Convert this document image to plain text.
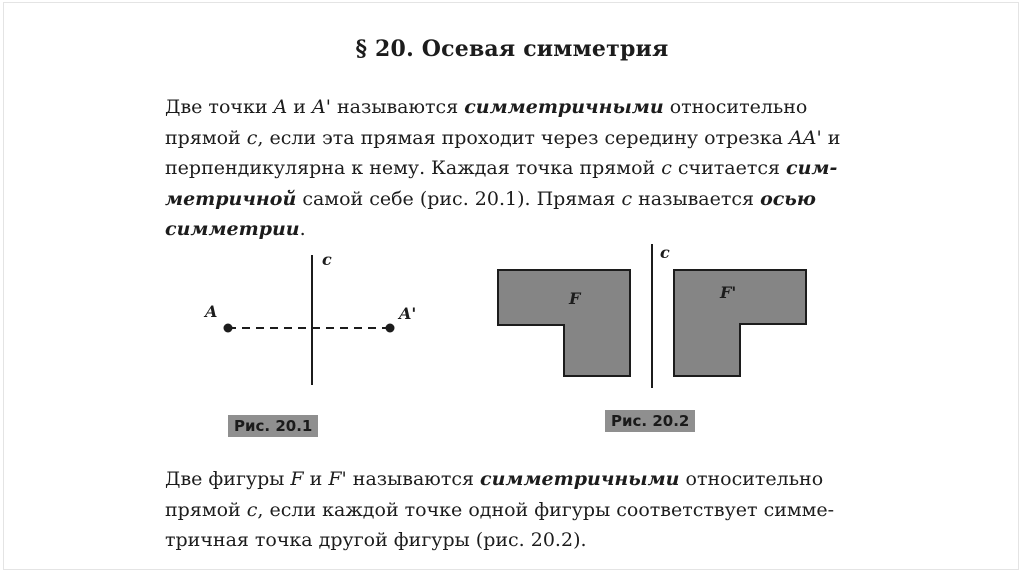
§ 20. Осевая симметрия
Две точки A и A' называются симметричными относительно
прямой c, если эта прямая проходит через середину отрезка AA' и
перпендикулярна к нему. Каждая точка прямой c считается сим-
метричной самой себе (рис. 20.1). Прямая c называется осью
симметрии.
c
A	A'
Рис. 20.1
c
F	F'
Рис. 20.2
Две фигуры F и F' называются симметричными относительно
прямой c, если каждой точке одной фигуры соответствует симме-
тричная точка другой фигуры (рис. 20.2).
